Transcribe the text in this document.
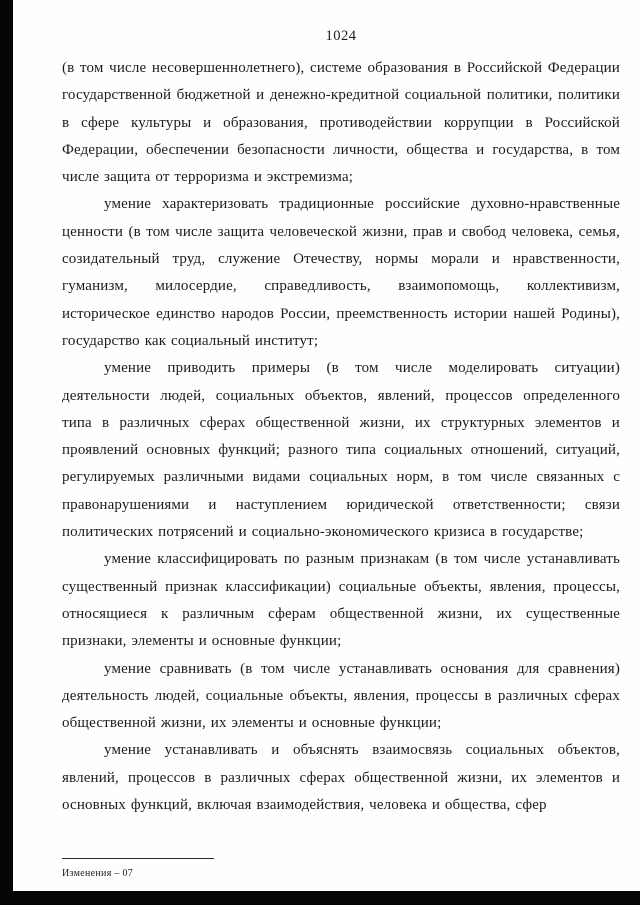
1024

(в том числе несовершеннолетнего), системе образования в Российской Федерации государственной бюджетной и денежно-кредитной социальной политики, политики в сфере культуры и образования, противодействии коррупции в Российской Федерации, обеспечении безопасности личности, общества и государства, в том числе защита от терроризма и экстремизма;

умение характеризовать традиционные российские духовно-нравственные ценности (в том числе защита человеческой жизни, прав и свобод человека, семья, созидательный труд, служение Отечеству, нормы морали и нравственности, гуманизм, милосердие, справедливость, взаимопомощь, коллективизм, историческое единство народов России, преемственность истории нашей Родины), государство как социальный институт;

умение приводить примеры (в том числе моделировать ситуации) деятельности людей, социальных объектов, явлений, процессов определенного типа в различных сферах общественной жизни, их структурных элементов и проявлений основных функций; разного типа социальных отношений, ситуаций, регулируемых различными видами социальных норм, в том числе связанных с правонарушениями и наступлением юридической ответственности; связи политических потрясений и социально-экономического кризиса в государстве;

умение классифицировать по разным признакам (в том числе устанавливать существенный признак классификации) социальные объекты, явления, процессы, относящиеся к различным сферам общественной жизни, их существенные признаки, элементы и основные функции;

умение сравнивать (в том числе устанавливать основания для сравнения) деятельность людей, социальные объекты, явления, процессы в различных сферах общественной жизни, их элементы и основные функции;

умение устанавливать и объяснять взаимосвязь социальных объектов, явлений, процессов в различных сферах общественной жизни, их элементов и основных функций, включая взаимодействия, человека и общества, сфер

Изменения – 07
